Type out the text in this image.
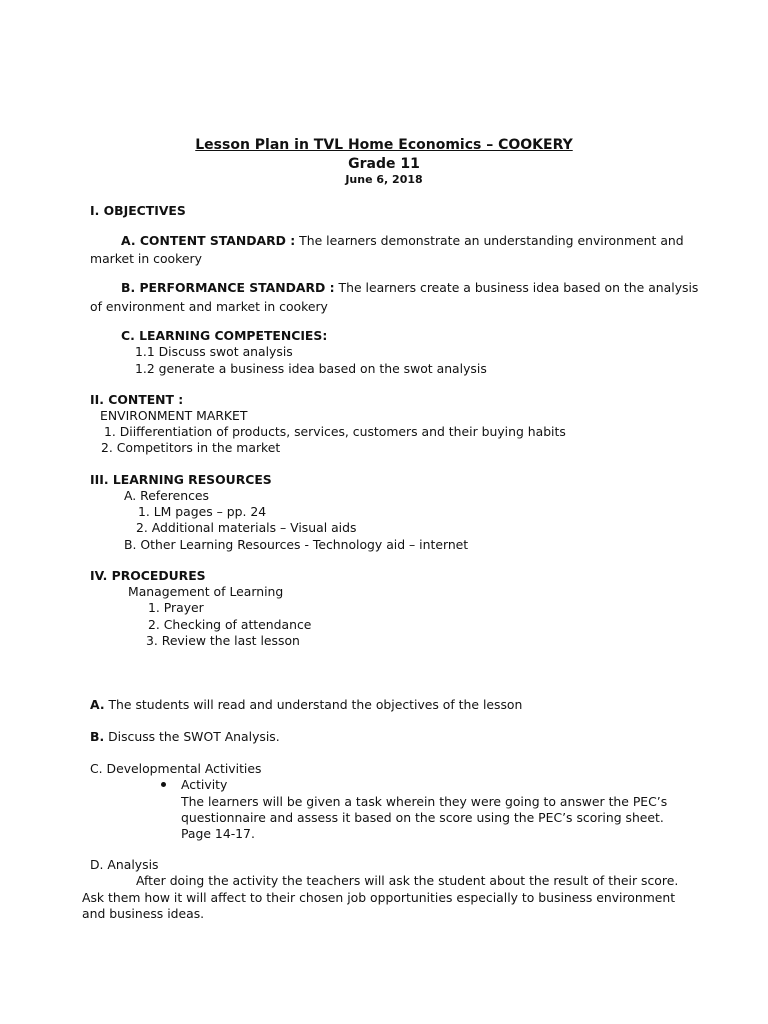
Lesson Plan in TVL Home Economics – COOKERY
Grade 11
June 6, 2018
I. OBJECTIVES
A. CONTENT STANDARD : The learners demonstrate an understanding environment and
market in cookery
B. PERFORMANCE STANDARD : The learners create a business idea based on the analysis
of environment and market in cookery
C. LEARNING COMPETENCIES:
1.1 Discuss swot analysis
1.2 generate a business idea based on the swot analysis
II. CONTENT :
ENVIRONMENT MARKET
1. Diifferentiation of products, services, customers and their buying habits
2. Competitors in the market
III. LEARNING RESOURCES
A. References
1. LM pages – pp. 24
2. Additional materials – Visual aids
B. Other Learning Resources - Technology aid – internet
IV. PROCEDURES
Management of Learning
1. Prayer
2. Checking of attendance
3. Review the last lesson
A. The students will read and understand the objectives of the lesson
B. Discuss the SWOT Analysis.
C. Developmental Activities
Activity
The learners will be given a task wherein they were going to answer the PEC’s
questionnaire and assess it based on the score using the PEC’s scoring sheet.
Page 14-17.
D. Analysis
After doing the activity the teachers will ask the student about the result of their score.
Ask them how it will affect to their chosen job opportunities especially to business environment
and business ideas.
